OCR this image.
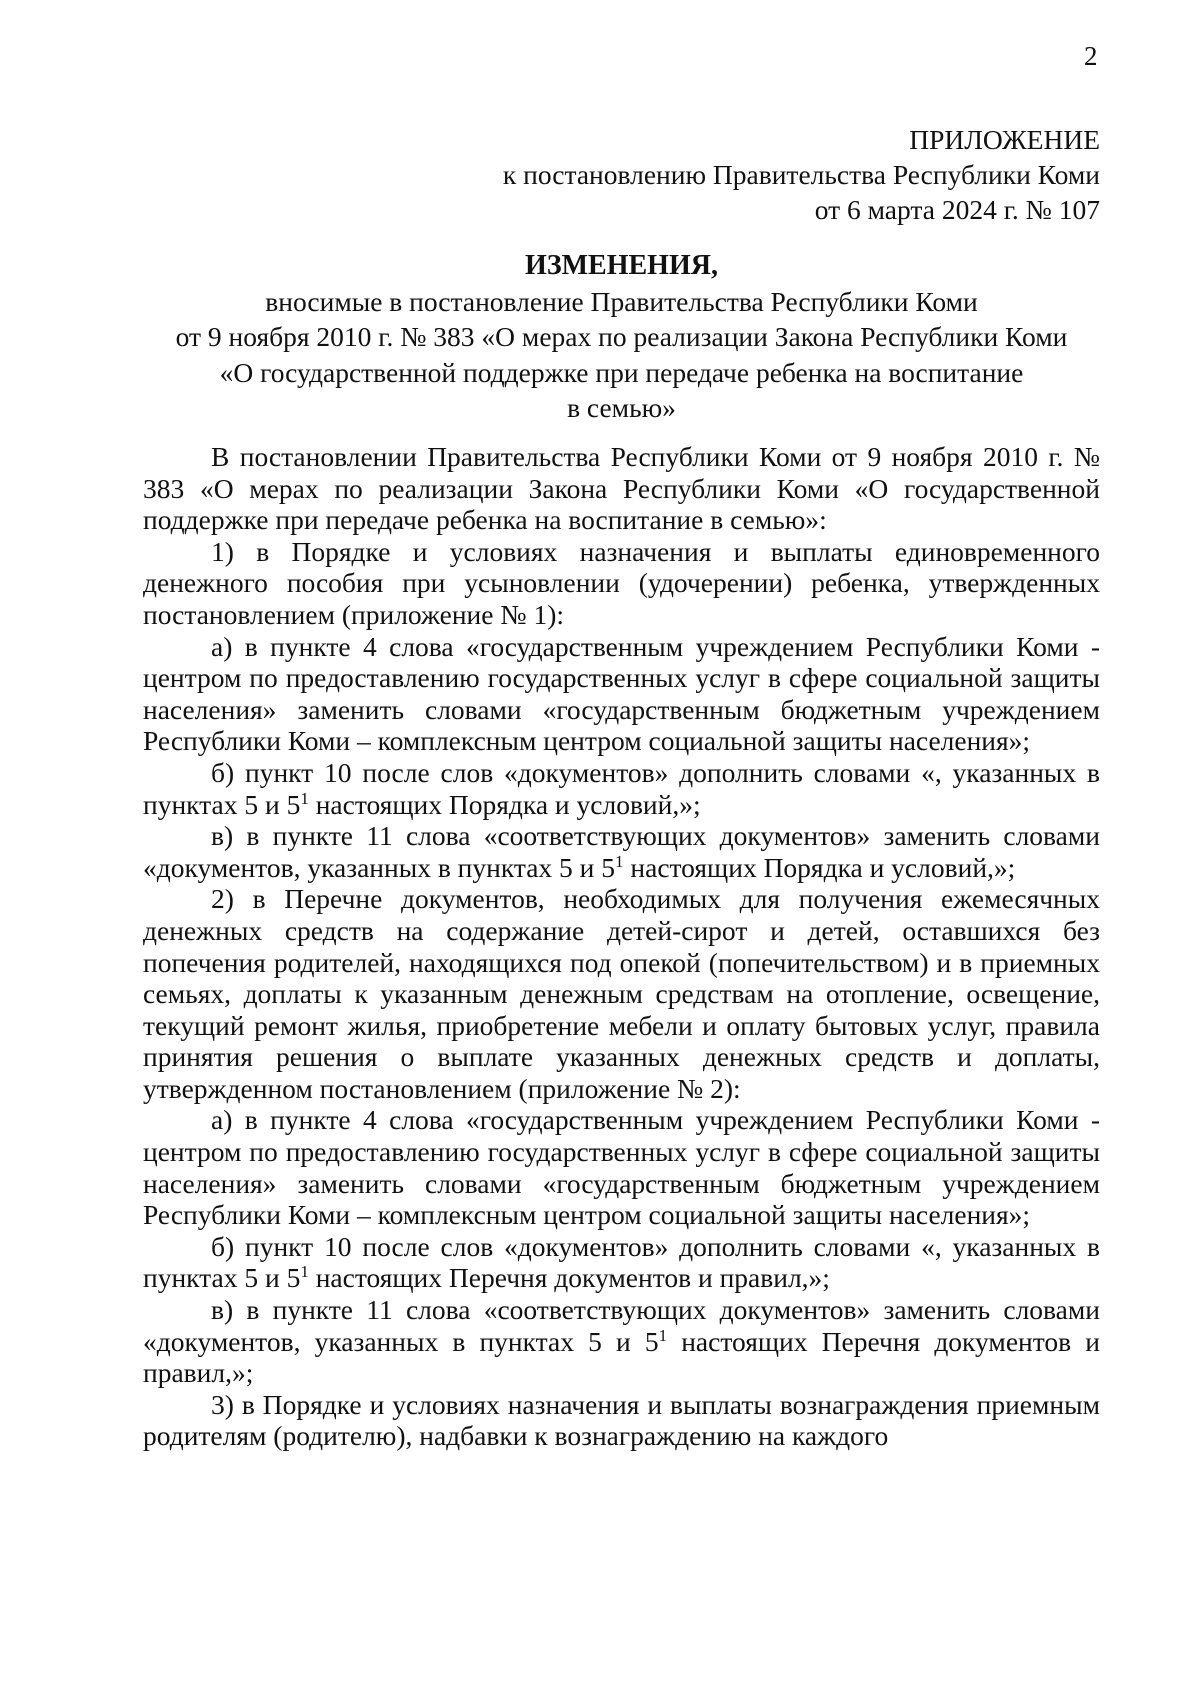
2
ПРИЛОЖЕНИЕ
к постановлению Правительства Республики Коми
от 6 марта 2024 г. № 107
ИЗМЕНЕНИЯ,
вносимые в постановление Правительства Республики Коми
от 9 ноября 2010 г. № 383 «О мерах по реализации Закона Республики Коми
«О государственной поддержке при передаче ребенка на воспитание
в семью»

В постановлении Правительства Республики Коми от 9 ноября 2010 г. № 383 «О мерах по реализации Закона Республики Коми «О государственной поддержке при передаче ребенка на воспитание в семью»:

1) в Порядке и условиях назначения и выплаты единовременного денежного пособия при усыновлении (удочерении) ребенка, утвержденных постановлением (приложение № 1):

а) в пункте 4 слова «государственным учреждением Республики Коми - центром по предоставлению государственных услуг в сфере социальной защиты населения» заменить словами «государственным бюджетным учреждением Республики Коми – комплексным центром социальной защиты населения»;

б) пункт 10 после слов «документов» дополнить словами «, указанных в пунктах 5 и $5^1$ настоящих Порядка и условий,»;

в) в пункте 11 слова «соответствующих документов» заменить словами «документов, указанных в пунктах 5 и $5^1$ настоящих Порядка и условий,»;

2) в Перечне документов, необходимых для получения ежемесячных денежных средств на содержание детей-сирот и детей, оставшихся без попечения родителей, находящихся под опекой (попечительством) и в приемных семьях, доплаты к указанным денежным средствам на отопление, освещение, текущий ремонт жилья, приобретение мебели и оплату бытовых услуг, правила принятия решения о выплате указанных денежных средств и доплаты, утвержденном постановлением (приложение № 2):

а) в пункте 4 слова «государственным учреждением Республики Коми - центром по предоставлению государственных услуг в сфере социальной защиты населения» заменить словами «государственным бюджетным учреждением Республики Коми – комплексным центром социальной защиты населения»;

б) пункт 10 после слов «документов» дополнить словами «, указанных в пунктах 5 и $5^1$ настоящих Перечня документов и правил,»;

в) в пункте 11 слова «соответствующих документов» заменить словами «документов, указанных в пунктах 5 и $5^1$ настоящих Перечня документов и правил,»;

3) в Порядке и условиях назначения и выплаты вознаграждения приемным родителям (родителю), надбавки к вознаграждению на каждого
